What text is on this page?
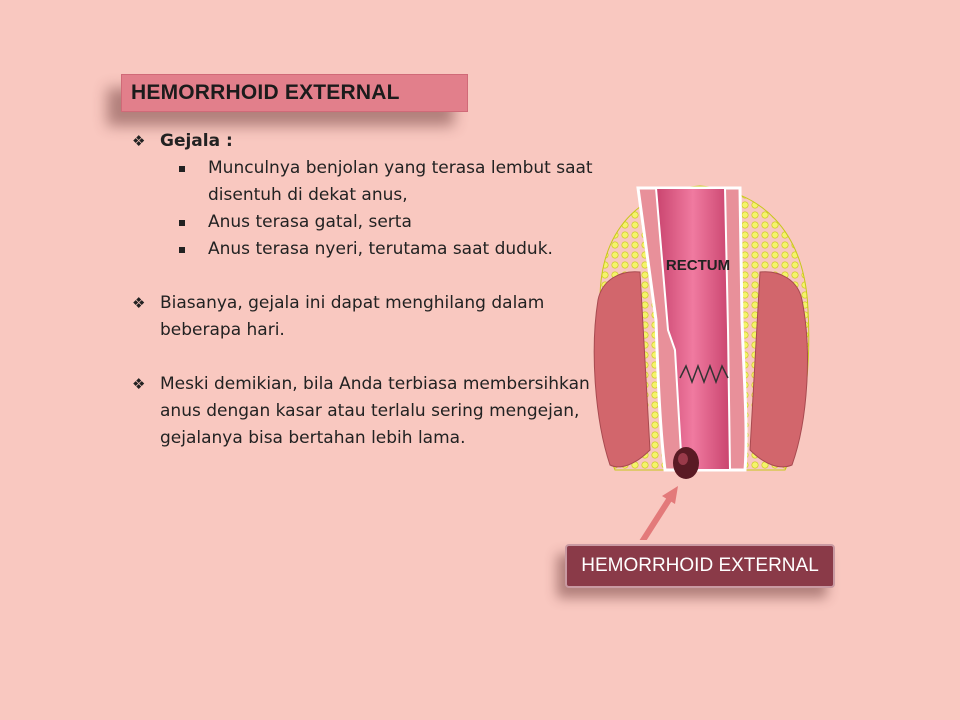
HEMORRHOID EXTERNAL
❖ Gejala :
Munculnya benjolan yang terasa lembut saat disentuh di dekat anus,
Anus terasa gatal, serta
Anus terasa nyeri, terutama saat duduk.
❖ Biasanya, gejala ini dapat menghilang dalam beberapa hari.
❖ Meski demikian, bila Anda terbiasa membersihkan anus dengan kasar atau terlalu sering mengejan, gejalanya bisa bertahan lebih lama.
RECTUM
HEMORRHOID EXTERNAL
